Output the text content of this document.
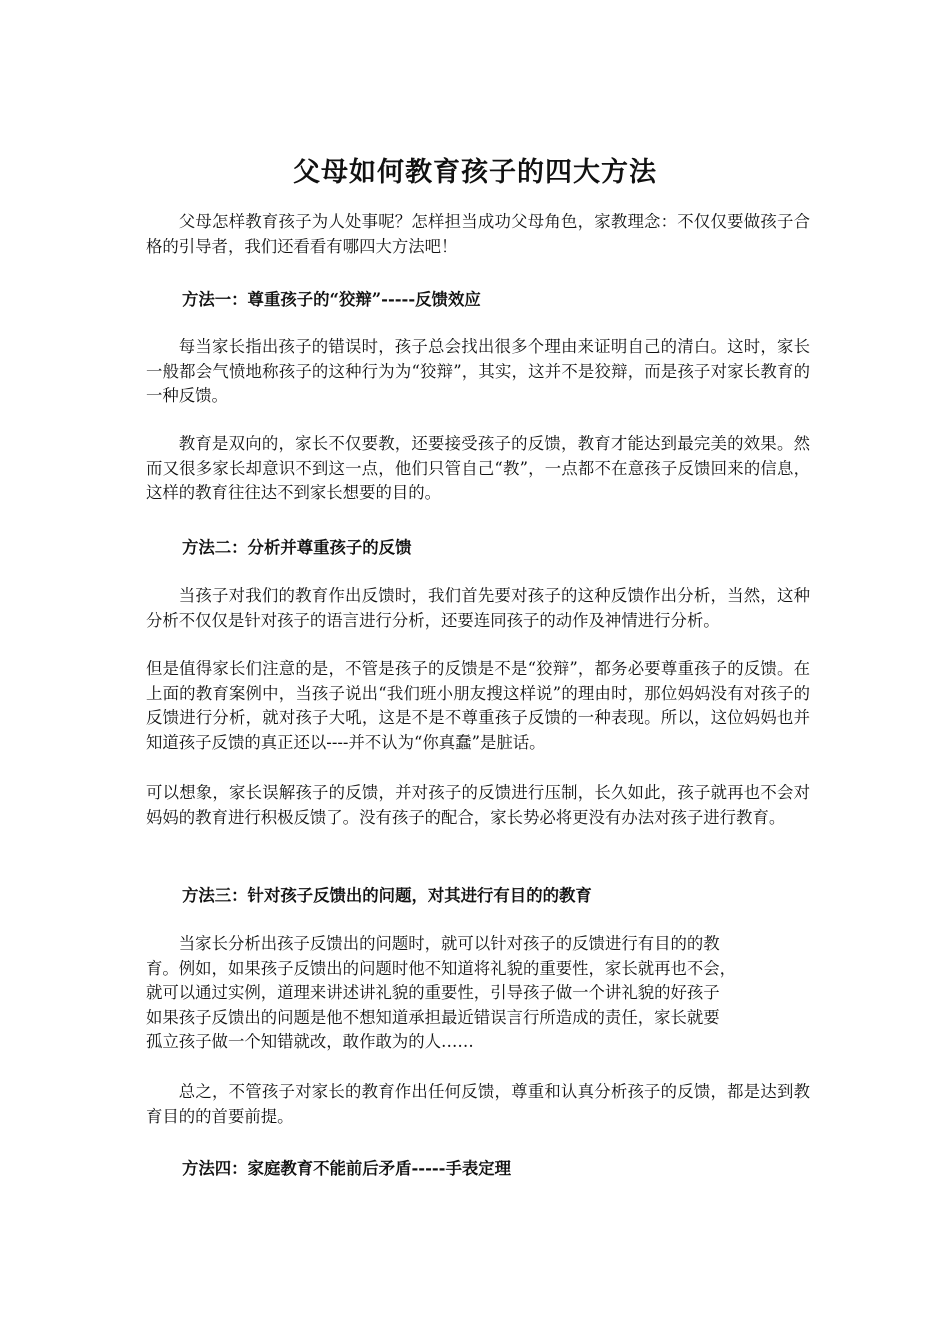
父母如何教育孩子的四大方法

父母怎样教育孩子为人处事呢？怎样担当成功父母角色，家教理念：不仅仅要做孩子合格的引导者，我们还看看有哪四大方法吧！

方法一：尊重孩子的“狡辩”-----反馈效应

每当家长指出孩子的错误时，孩子总会找出很多个理由来证明自己的清白。这时，家长一般都会气愤地称孩子的这种行为为“狡辩”，其实，这并不是狡辩，而是孩子对家长教育的一种反馈。

教育是双向的，家长不仅要教，还要接受孩子的反馈，教育才能达到最完美的效果。然而又很多家长却意识不到这一点，他们只管自己“教”，一点都不在意孩子反馈回来的信息，这样的教育往往达不到家长想要的目的。

方法二：分析并尊重孩子的反馈

当孩子对我们的教育作出反馈时，我们首先要对孩子的这种反馈作出分析，当然，这种分析不仅仅是针对孩子的语言进行分析，还要连同孩子的动作及神情进行分析。

但是值得家长们注意的是，不管是孩子的反馈是不是“狡辩”，都务必要尊重孩子的反馈。在上面的教育案例中，当孩子说出“我们班小朋友搜这样说”的理由时，那位妈妈没有对孩子的反馈进行分析，就对孩子大吼，这是不是不尊重孩子反馈的一种表现。所以，这位妈妈也并知道孩子反馈的真正还以----并不认为“你真蠢”是脏话。

可以想象，家长误解孩子的反馈，并对孩子的反馈进行压制，长久如此，孩子就再也不会对妈妈的教育进行积极反馈了。没有孩子的配合，家长势必将更没有办法对孩子进行教育。

方法三：针对孩子反馈出的问题，对其进行有目的的教育

当家长分析出孩子反馈出的问题时，就可以针对孩子的反馈进行有目的的教

育。例如，如果孩子反馈出的问题时他不知道将礼貌的重要性，家长就再也不会，

就可以通过实例，道理来讲述讲礼貌的重要性，引导孩子做一个讲礼貌的好孩子

如果孩子反馈出的问题是他不想知道承担最近错误言行所造成的责任，家长就要

孤立孩子做一个知错就改，敢作敢为的人……

总之，不管孩子对家长的教育作出任何反馈，尊重和认真分析孩子的反馈，都是达到教育目的的首要前提。

方法四：家庭教育不能前后矛盾-----手表定理
